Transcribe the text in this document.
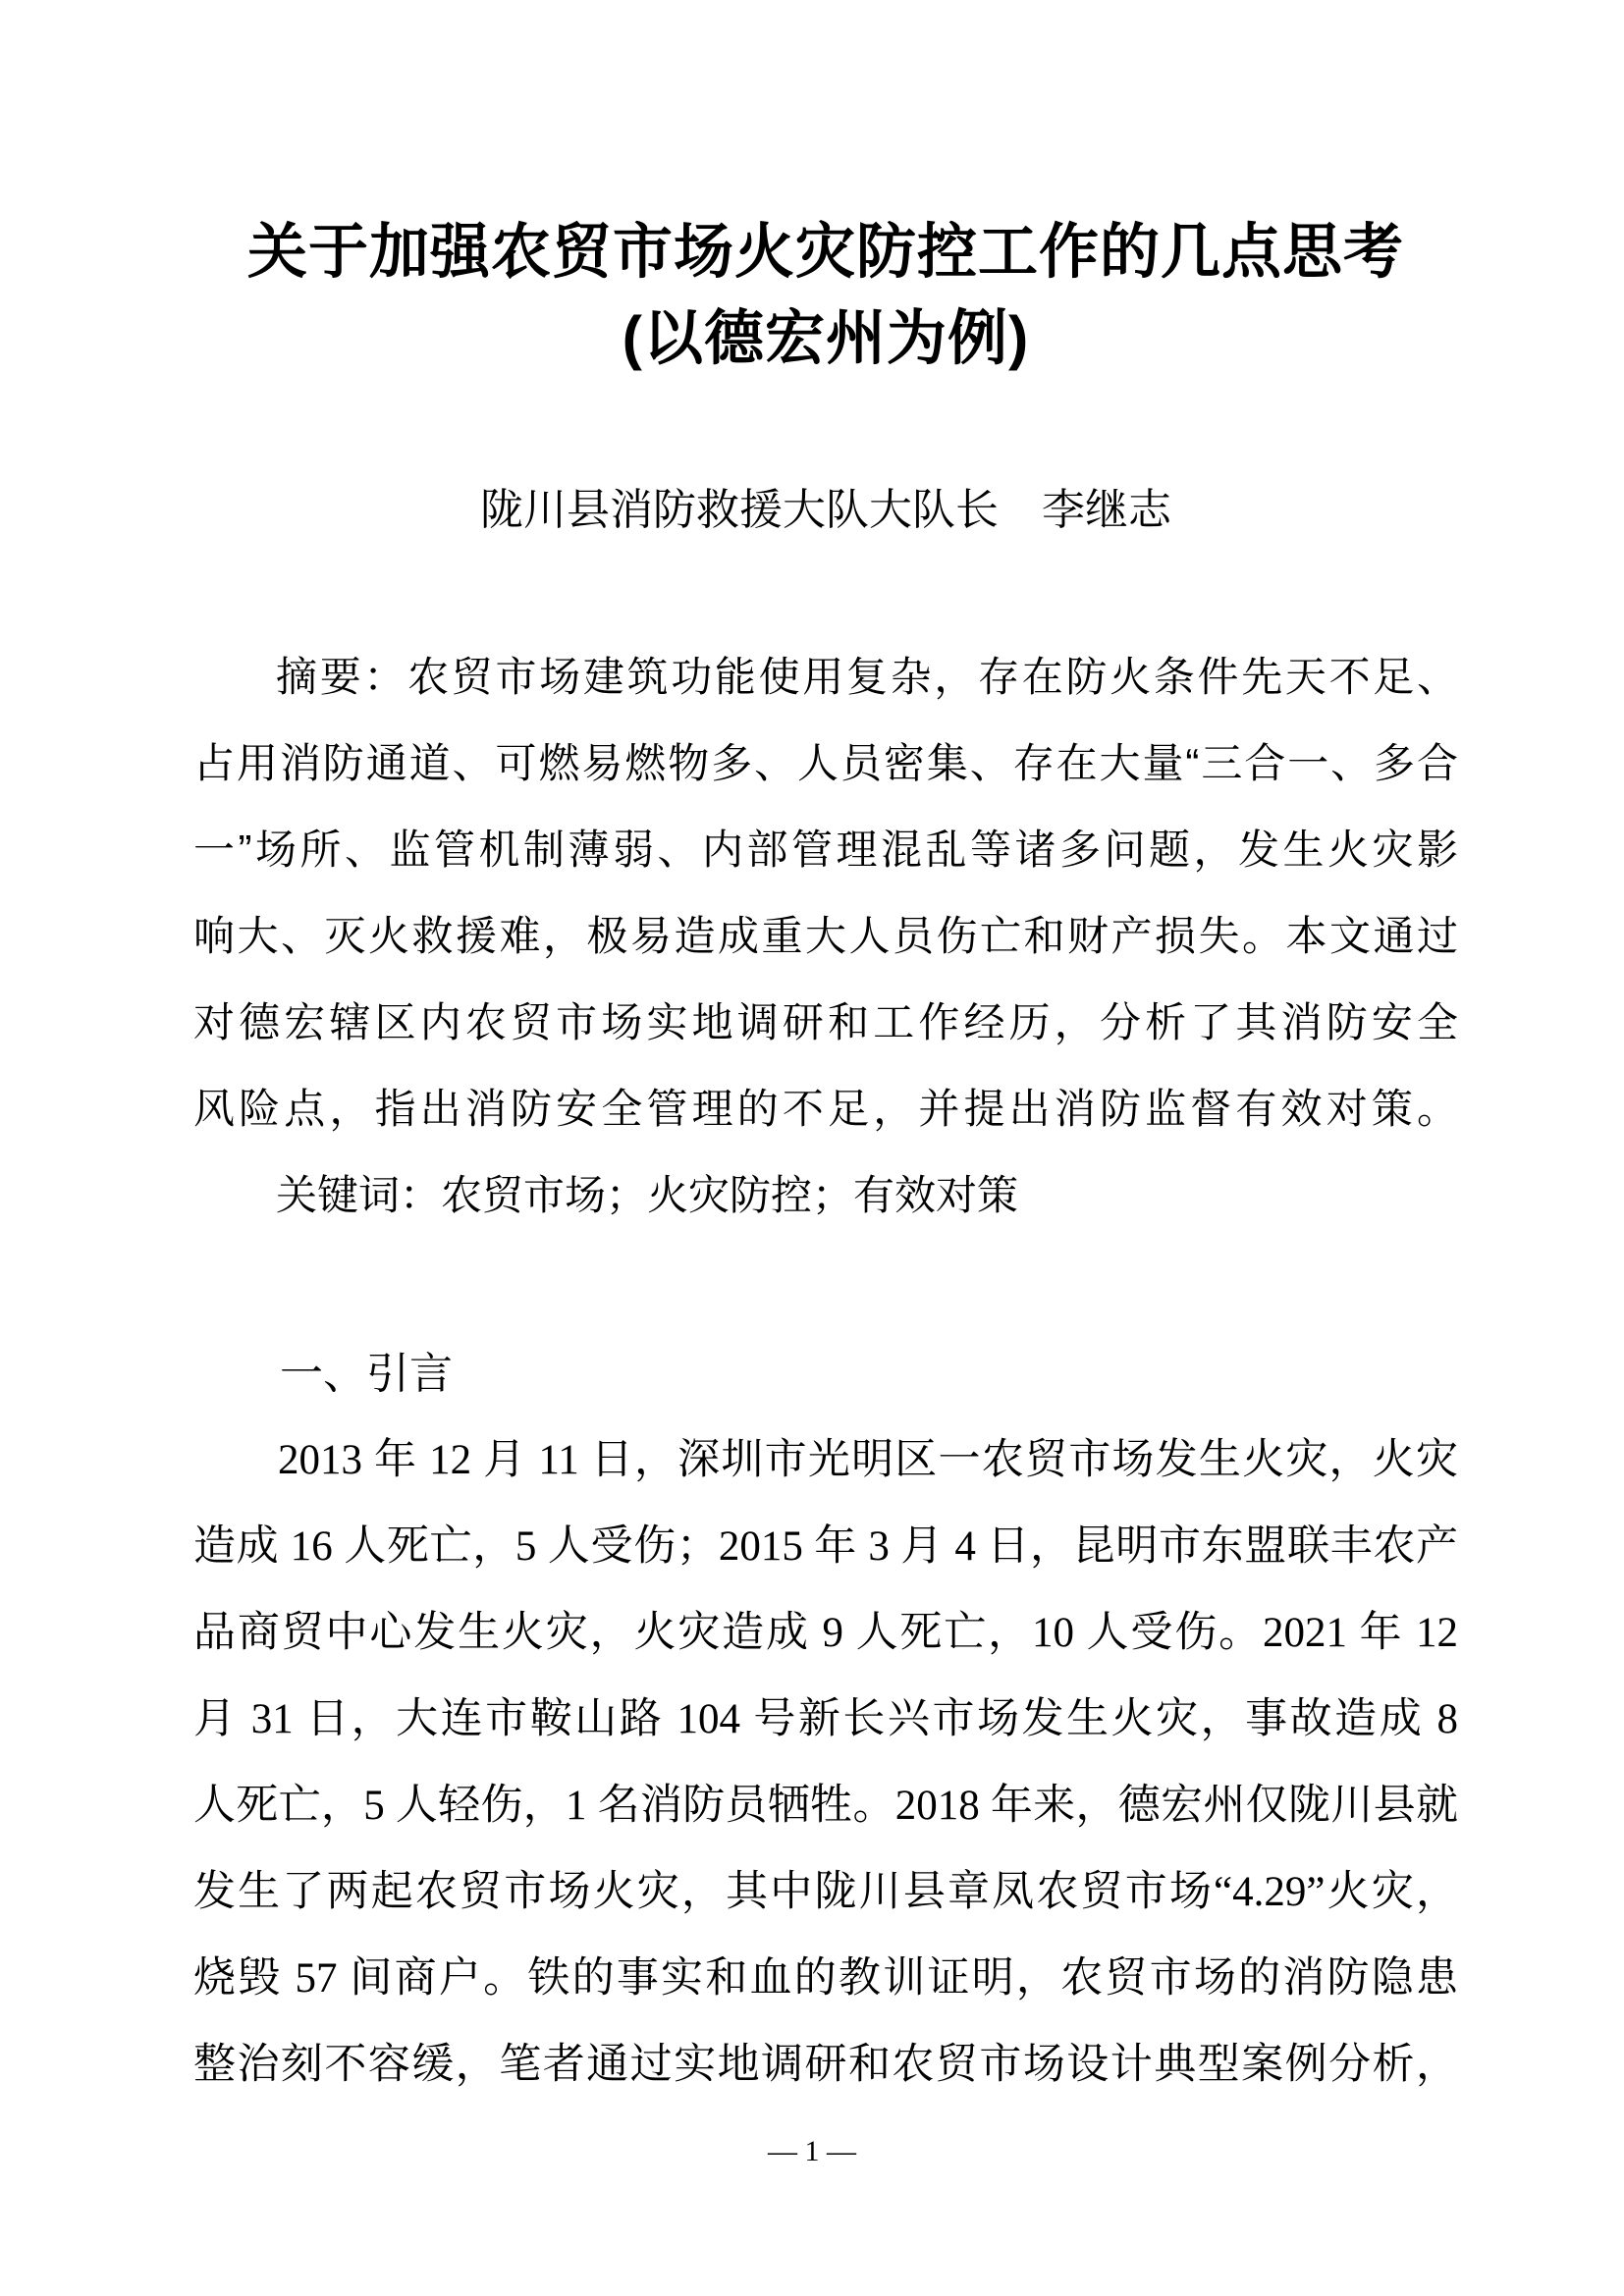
关于加强农贸市场火灾防控工作的几点思考
(以德宏州为例)
陇川县消防救援大队大队长　李继志

摘要：农贸市场建筑功能使用复杂，存在防火条件先天不足、

占用消防通道、可燃易燃物多、人员密集、存在大量“三合一、多合

一”场所、监管机制薄弱、内部管理混乱等诸多问题，发生火灾影

响大、灭火救援难，极易造成重大人员伤亡和财产损失。本文通过

对德宏辖区内农贸市场实地调研和工作经历，分析了其消防安全

风险点，指出消防安全管理的不足，并提出消防监督有效对策。

关键词：农贸市场；火灾防控；有效对策

一、引言

2013 年 12 月 11 日，深圳市光明区一农贸市场发生火灾，火灾

造成 16 人死亡，5 人受伤；2015 年 3 月 4 日，昆明市东盟联丰农产

品商贸中心发生火灾，火灾造成 9 人死亡，10 人受伤。2021 年 12

月 31 日，大连市鞍山路 104 号新长兴市场发生火灾，事故造成 8

人死亡，5 人轻伤，1 名消防员牺牲。2018 年来，德宏州仅陇川县就

发生了两起农贸市场火灾，其中陇川县章凤农贸市场“4.29”火灾，

烧毁 57 间商户。铁的事实和血的教训证明，农贸市场的消防隐患

整治刻不容缓，笔者通过实地调研和农贸市场设计典型案例分析，

— 1 —
